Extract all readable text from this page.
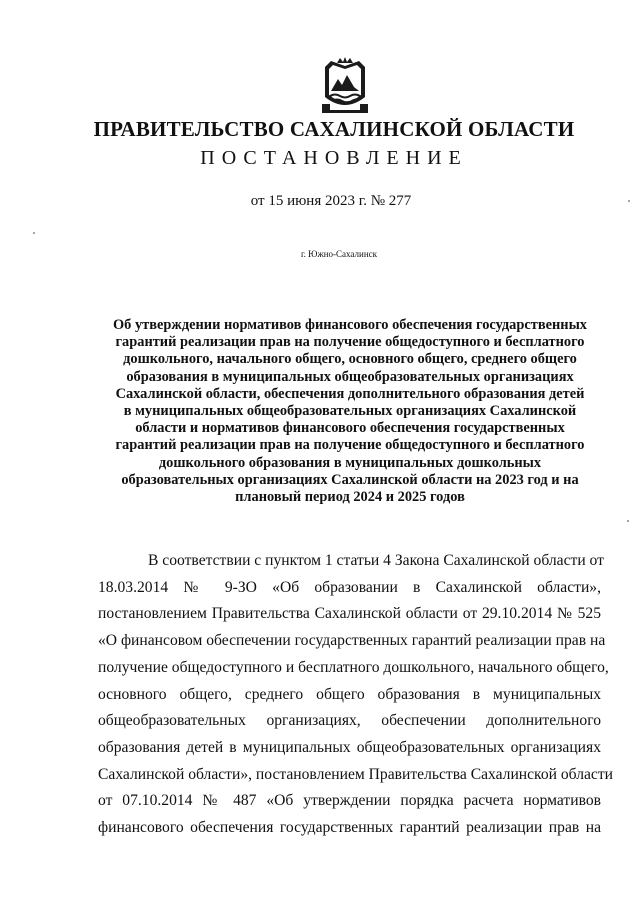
ПРАВИТЕЛЬСТВО САХАЛИНСКОЙ ОБЛАСТИ
ПОСТАНОВЛЕНИЕ
от 15 июня 2023 г. № 277
г. Южно-Сахалинск
Об утверждении нормативов финансового обеспечения государственных
гарантий реализации прав на получение общедоступного и бесплатного
дошкольного, начального общего, основного общего, среднего общего
образования в муниципальных общеобразовательных организациях
Сахалинской области, обеспечения дополнительного образования детей
в муниципальных общеобразовательных организациях Сахалинской
области и нормативов финансового обеспечения государственных
гарантий реализации прав на получение общедоступного и бесплатного
дошкольного образования в муниципальных дошкольных
образовательных организациях Сахалинской области на 2023 год и на
плановый период 2024 и 2025 годов
В соответствии с пунктом 1 статьи 4 Закона Сахалинской области от
18.03.2014 № 9-ЗО «Об образовании в Сахалинской области»,
постановлением Правительства Сахалинской области от 29.10.2014 № 525
«О финансовом обеспечении государственных гарантий реализации прав на
получение общедоступного и бесплатного дошкольного, начального общего,
основного общего, среднего общего образования в муниципальных
общеобразовательных организациях, обеспечении дополнительного
образования детей в муниципальных общеобразовательных организациях
Сахалинской области», постановлением Правительства Сахалинской области
от 07.10.2014 № 487 «Об утверждении порядка расчета нормативов
финансового обеспечения государственных гарантий реализации прав на
